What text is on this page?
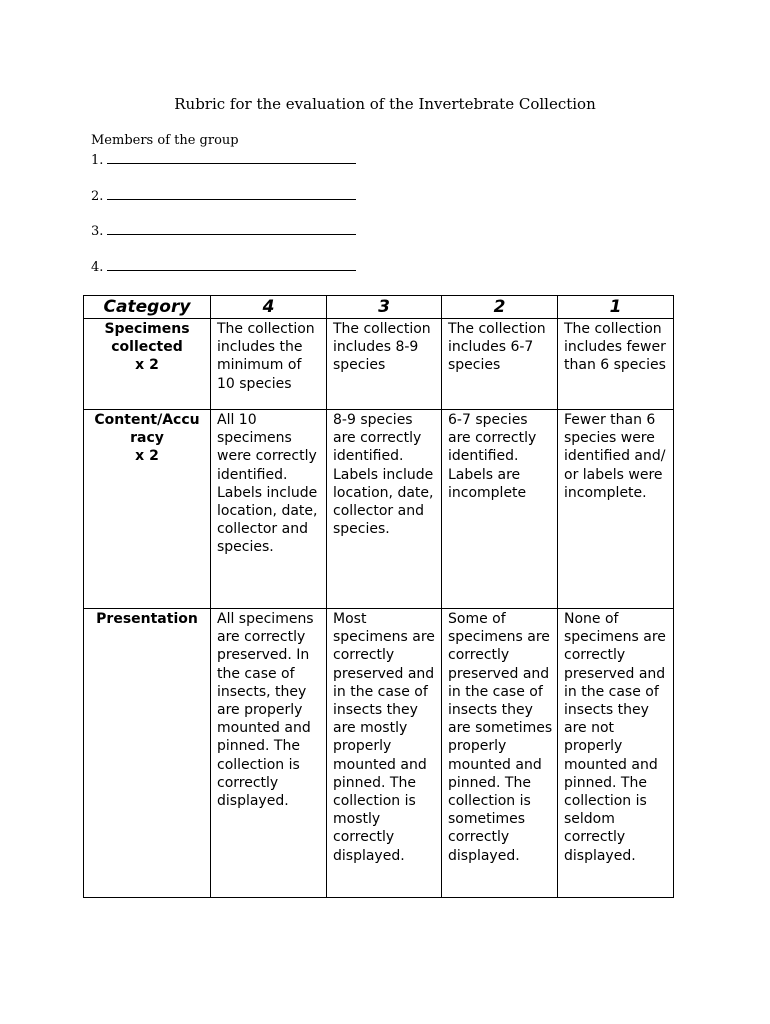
Rubric for the evaluation of the Invertebrate Collection
Members of the group
1.
2.
3.
4.
Category	4	3	2	1
Specimens
collected
x 2	The collection includes the minimum of 10 species	The collection includes 8-9 species	The collection includes 6-7 species	The collection includes fewer than 6 species
Content/Accu
racy
x 2	All 10 specimens were correctly identified. Labels include location, date, collector and species.	8-9 species are correctly identified. Labels include location, date, collector and species.	6-7 species are correctly identified. Labels are incomplete	Fewer than 6 species were identified and/ or labels were incomplete.
Presentation	All specimens are correctly preserved. In the case of insects, they are properly mounted and pinned. The collection is correctly displayed.	Most specimens are correctly preserved and in the case of insects they are mostly properly mounted and pinned. The collection is mostly correctly displayed.	Some of specimens are correctly preserved and in the case of insects they are sometimes properly mounted and pinned. The collection is sometimes correctly displayed.	None of specimens are correctly preserved and in the case of insects they are not properly mounted and pinned. The collection is seldom correctly displayed.
